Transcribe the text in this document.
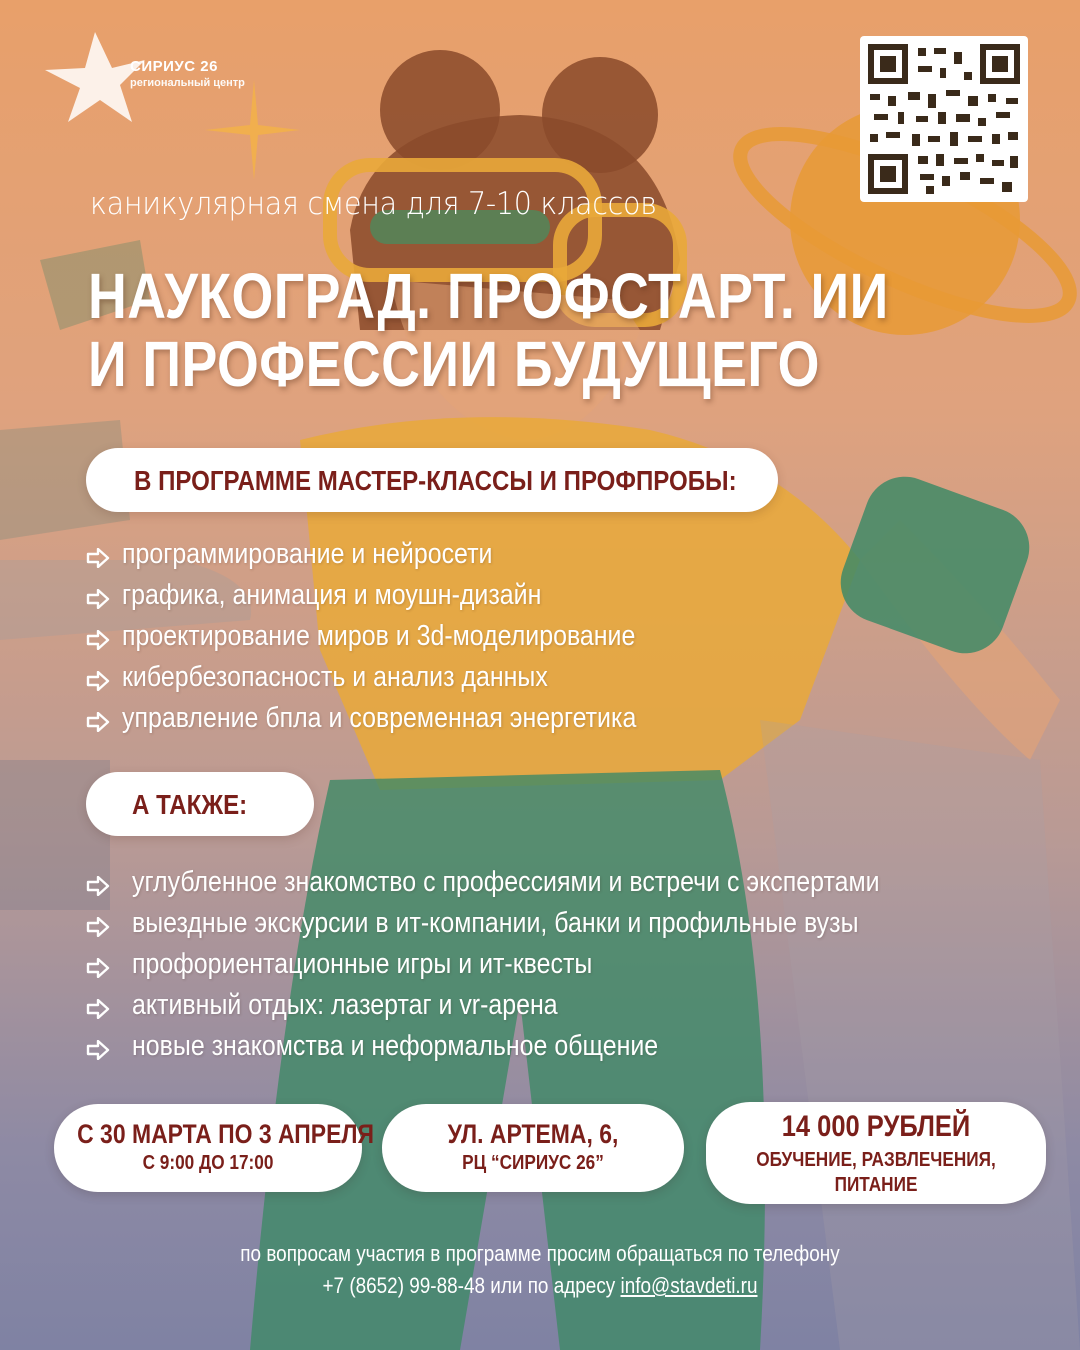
СИРИУС 26
региональный центр
каникулярная смена для 7-10 классов
НАУКОГРАД. ПРОФСТАРТ. ИИ
И ПРОФЕССИИ БУДУЩЕГО
В ПРОГРАММЕ МАСТЕР-КЛАССЫ И ПРОФПРОБЫ:
программирование и нейросети
графика, анимация и моушн-дизайн
проектирование миров и 3d-моделирование
кибербезопасность и анализ данных
управление бпла и современная энергетика
А ТАКЖЕ:
углубленное знакомство с профессиями и встречи с экспертами
выездные экскурсии в ит-компании, банки и профильные вузы
профориентационные игры и ит-квесты
активный отдых: лазертаг и vr-арена
новые знакомства и неформальное общение
С 30 МАРТА ПО 3 АПРЕЛЯ
С 9:00 ДО 17:00
УЛ. АРТЕМА, 6,
РЦ “СИРИУС 26”
14 000 РУБЛЕЙ
ОБУЧЕНИЕ, РАЗВЛЕЧЕНИЯ, ПИТАНИЕ
по вопросам участия в программе просим обращаться по телефону
+7 (8652) 99-88-48 или по адресу info@stavdeti.ru
